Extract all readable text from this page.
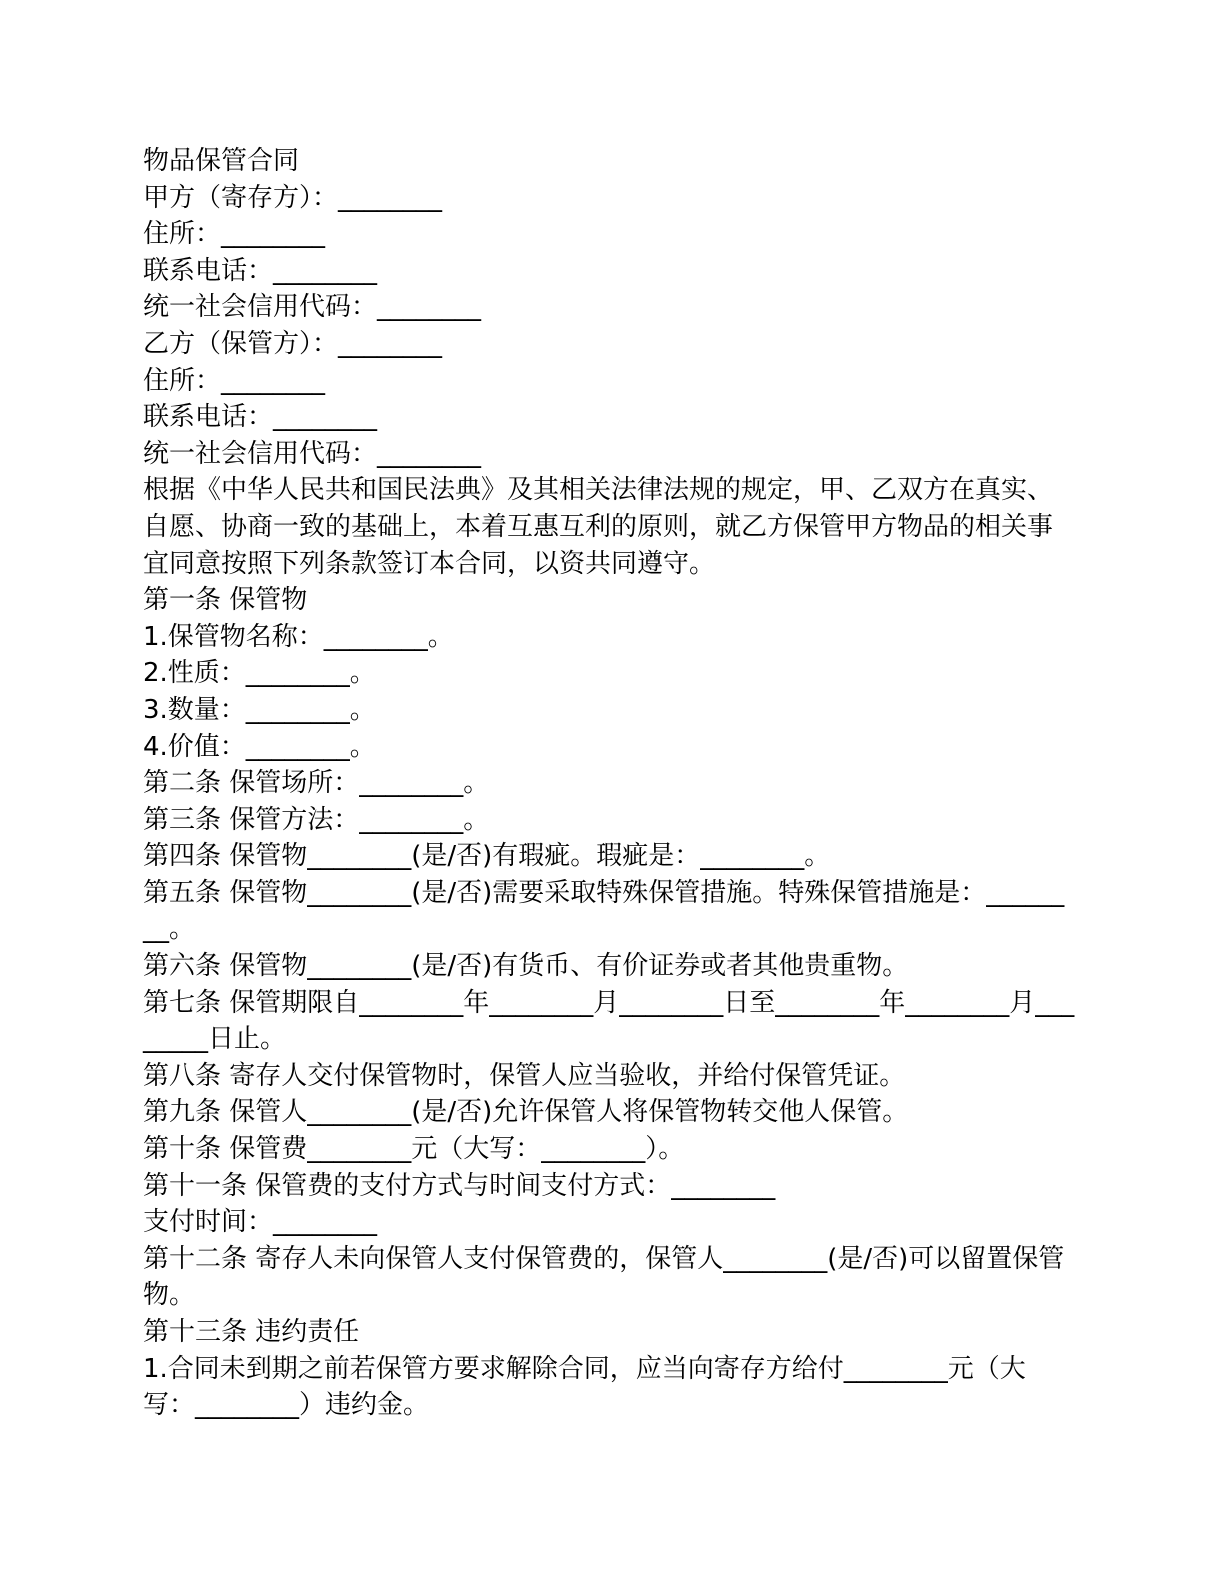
物品保管合同
甲方（寄存方）：________
住所：________
联系电话：________
统一社会信用代码：________
乙方（保管方）：________
住所：________
联系电话：________
统一社会信用代码：________
根据《中华人民共和国民法典》及其相关法律法规的规定，甲、乙双方在真实、自愿、协商一致的基础上，本着互惠互利的原则，就乙方保管甲方物品的相关事宜同意按照下列条款签订本合同，以资共同遵守。
第一条 保管物
1.保管物名称：________。
2.性质：________。
3.数量：________。
4.价值：________。
第二条 保管场所：________。
第三条 保管方法：________。
第四条 保管物________(是/否)有瑕疵。瑕疵是：________。
第五条 保管物________(是/否)需要采取特殊保管措施。特殊保管措施是：________。
第六条 保管物________(是/否)有货币、有价证券或者其他贵重物。
第七条 保管期限自________年________月________日至________年________月________日止。
第八条 寄存人交付保管物时，保管人应当验收，并给付保管凭证。
第九条 保管人________(是/否)允许保管人将保管物转交他人保管。
第十条 保管费________元（大写：________）。
第十一条 保管费的支付方式与时间支付方式：________
支付时间：________
第十二条 寄存人未向保管人支付保管费的，保管人________(是/否)可以留置保管物。
第十三条 违约责任
1.合同未到期之前若保管方要求解除合同，应当向寄存方给付________元（大写：________）违约金。
